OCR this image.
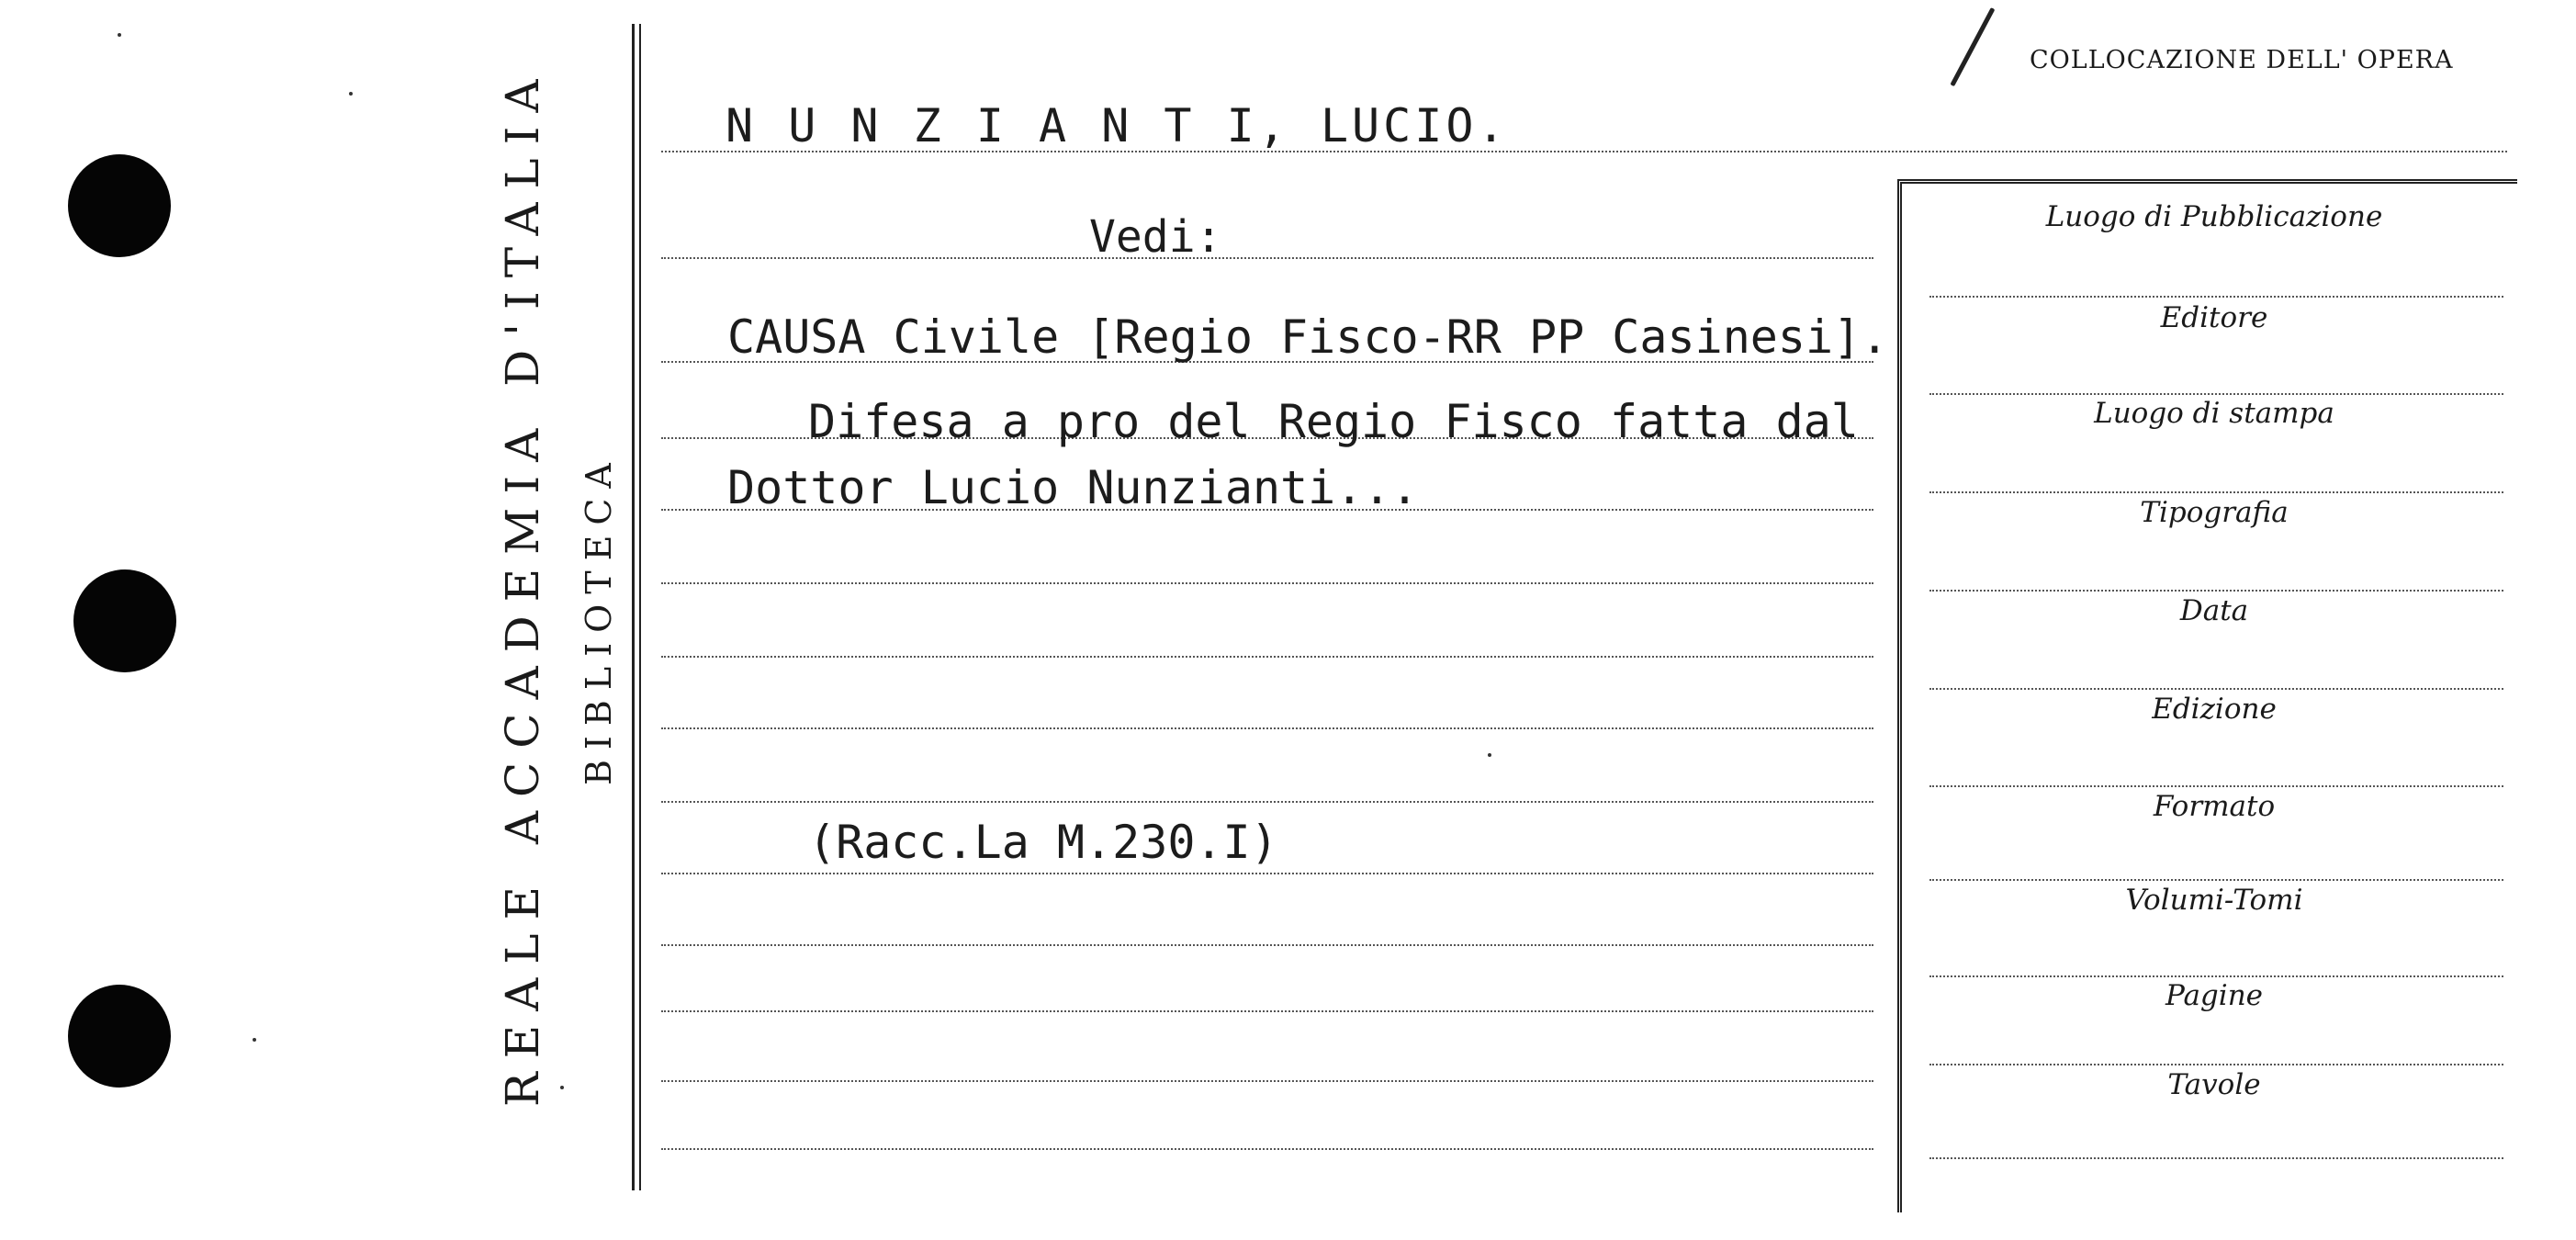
REALE ACCADEMIA D'ITALIA BIBLIOTECA
COLLOCAZIONE DELL' OPERA
N U N Z I A N T I, LUCIO.
Vedi:
CAUSA Civile [Regio Fisco-RR PP Casinesi].
Difesa a pro del Regio Fisco fatta dal
Dottor Lucio Nunzianti...
(Racc.La M.230.I)
Luogo di Pubblicazione
Editore
Luogo di stampa
Tipografia
Data
Edizione
Formato
Volumi-Tomi
Pagine
Tavole
